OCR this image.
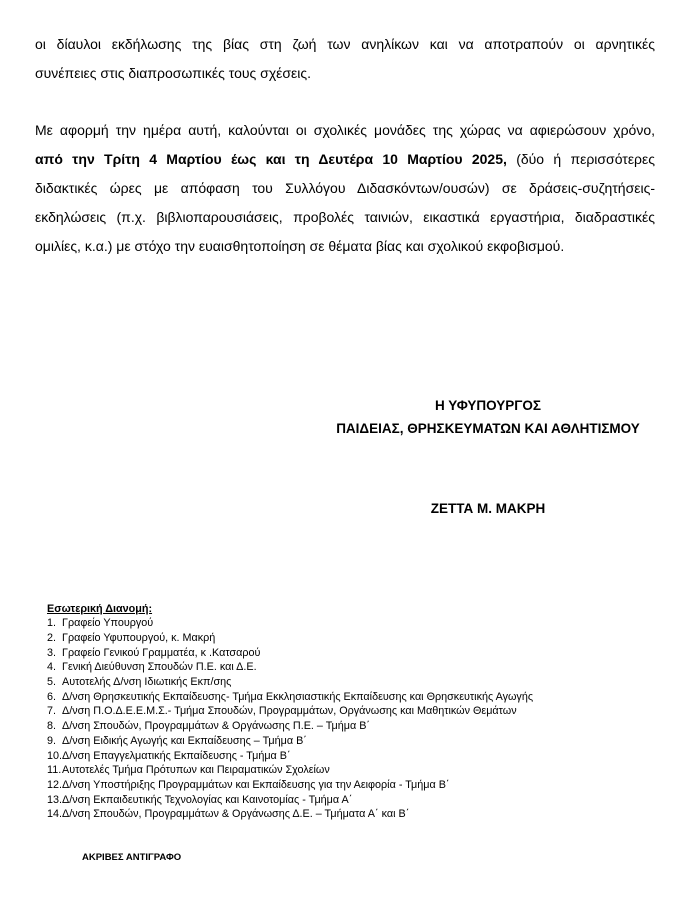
οι δίαυλοι εκδήλωσης της βίας στη ζωή των ανηλίκων και να αποτραπούν οι αρνητικές
συνέπειες στις διαπροσωπικές τους σχέσεις.
Με αφορμή την ημέρα αυτή, καλούνται οι σχολικές μονάδες της χώρας να αφιερώσουν χρόνο,
από την Τρίτη 4 Μαρτίου έως και τη Δευτέρα 10 Μαρτίου 2025, (δύο ή περισσότερες
διδακτικές ώρες με απόφαση του Συλλόγου Διδασκόντων/ουσών) σε δράσεις-συζητήσεις-
εκδηλώσεις (π.χ. βιβλιοπαρουσιάσεις, προβολές ταινιών, εικαστικά εργαστήρια, διαδραστικές
ομιλίες, κ.α.) με στόχο την ευαισθητοποίηση σε θέματα βίας και σχολικού εκφοβισμού.
Η ΥΦΥΠΟΥΡΓΟΣ
ΠΑΙΔΕΙΑΣ, ΘΡΗΣΚΕΥΜΑΤΩΝ ΚΑΙ ΑΘΛΗΤΙΣΜΟΥ
ΖΕΤΤΑ Μ. ΜΑΚΡΗ
Εσωτερική Διανομή:
1. Γραφείο Υπουργού
2. Γραφείο Υφυπουργού, κ. Μακρή
3. Γραφείο Γενικού Γραμματέα, κ .Κατσαρού
4. Γενική Διεύθυνση Σπουδών Π.Ε. και Δ.Ε.
5. Αυτοτελής Δ/νση Ιδιωτικής Εκπ/σης
6. Δ/νση Θρησκευτικής Εκπαίδευσης- Τμήμα Εκκλησιαστικής Εκπαίδευσης και Θρησκευτικής Αγωγής
7. Δ/νση Π.Ο.Δ.Ε.Ε.Μ.Σ.- Τμήμα Σπουδών, Προγραμμάτων, Οργάνωσης και Μαθητικών Θεμάτων
8. Δ/νση Σπουδών, Προγραμμάτων & Οργάνωσης Π.Ε. – Τμήμα Β΄
9. Δ/νση Ειδικής Αγωγής και Εκπαίδευσης – Τμήμα Β΄
10.Δ/νση Επαγγελματικής Εκπαίδευσης - Τμήμα Β΄
11.Αυτοτελές Τμήμα Πρότυπων και Πειραματικών Σχολείων
12.Δ/νση Υποστήριξης Προγραμμάτων και Εκπαίδευσης για την Αειφορία - Τμήμα Β΄
13.Δ/νση Εκπαιδευτικής Τεχνολογίας και Καινοτομίας - Τμήμα Α΄
14.Δ/νση Σπουδών, Προγραμμάτων & Οργάνωσης Δ.Ε. – Τμήματα Α΄ και Β΄
ΑΚΡΙΒΕΣ ΑΝΤΙΓΡΑΦΟ
